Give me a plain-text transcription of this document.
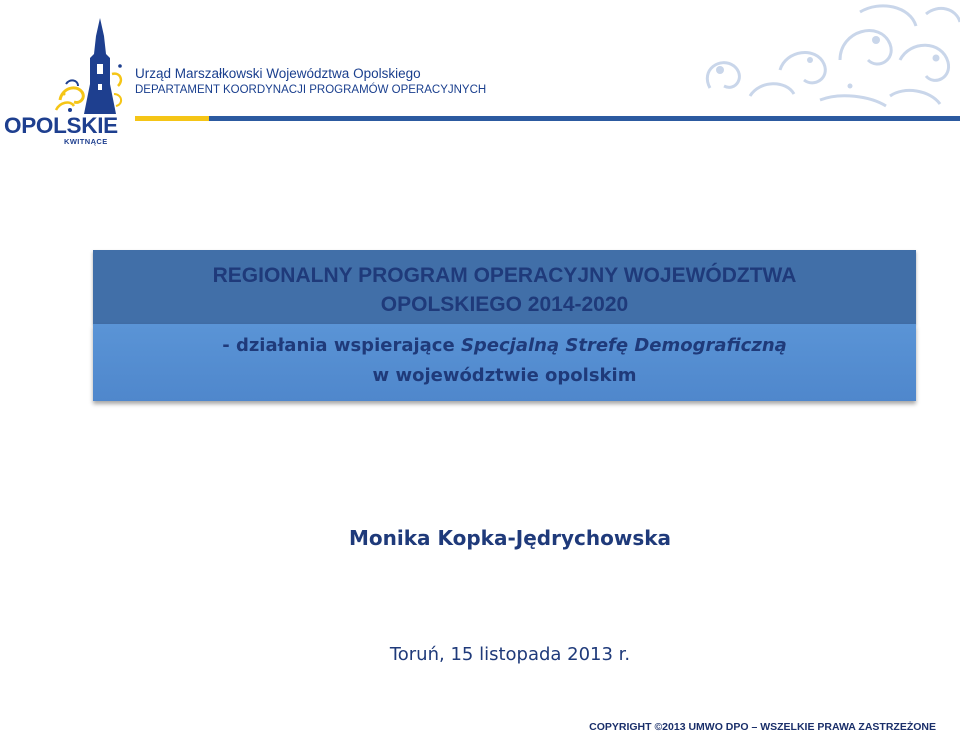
OPOLSKIE
KWITNĄCE
Urząd Marszałkowski Województwa Opolskiego
DEPARTAMENT KOORDYNACJI PROGRAMÓW OPERACYJNYCH
REGIONALNY PROGRAM OPERACYJNY WOJEWÓDZTWA
OPOLSKIEGO 2014-2020
- działania wspierające Specjalną Strefę Demograficzną
w województwie opolskim
Monika Kopka-Jędrychowska
Toruń, 15 listopada 2013 r.
COPYRIGHT ©2013 UMWO DPO – WSZELKIE PRAWA ZASTRZEŻONE
